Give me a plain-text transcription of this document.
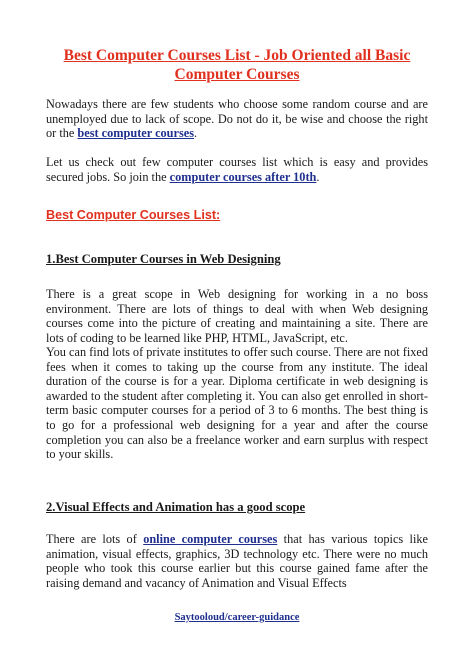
Best Computer Courses List - Job Oriented all Basic
Computer Courses

Nowadays there are few students who choose some random course and are unemployed due to lack of scope. Do not do it, be wise and choose the right or the best computer courses.

Let us check out few computer courses list which is easy and provides secured jobs. So join the computer courses after 10th.

Best Computer Courses List:
1.Best Computer Courses in Web Designing

There is a great scope in Web designing for working in a no boss environment. There are lots of things to deal with when Web designing courses come into the picture of creating and maintaining a site. There are lots of coding to be learned like PHP, HTML, JavaScript, etc.

You can find lots of private institutes to offer such course. There are not fixed fees when it comes to taking up the course from any institute. The ideal duration of the course is for a year. Diploma certificate in web designing is awarded to the student after completing it. You can also get enrolled in short-term basic computer courses for a period of 3 to 6 months. The best thing is to go for a professional web designing for a year and after the course completion you can also be a freelance worker and earn surplus with respect to your skills.

2.Visual Effects and Animation has a good scope

There are lots of online computer courses that has various topics like animation, visual effects, graphics, 3D technology etc. There were no much people who took this course earlier but this course gained fame after the raising demand and vacancy of Animation and Visual Effects

Saytooloud/career-guidance
